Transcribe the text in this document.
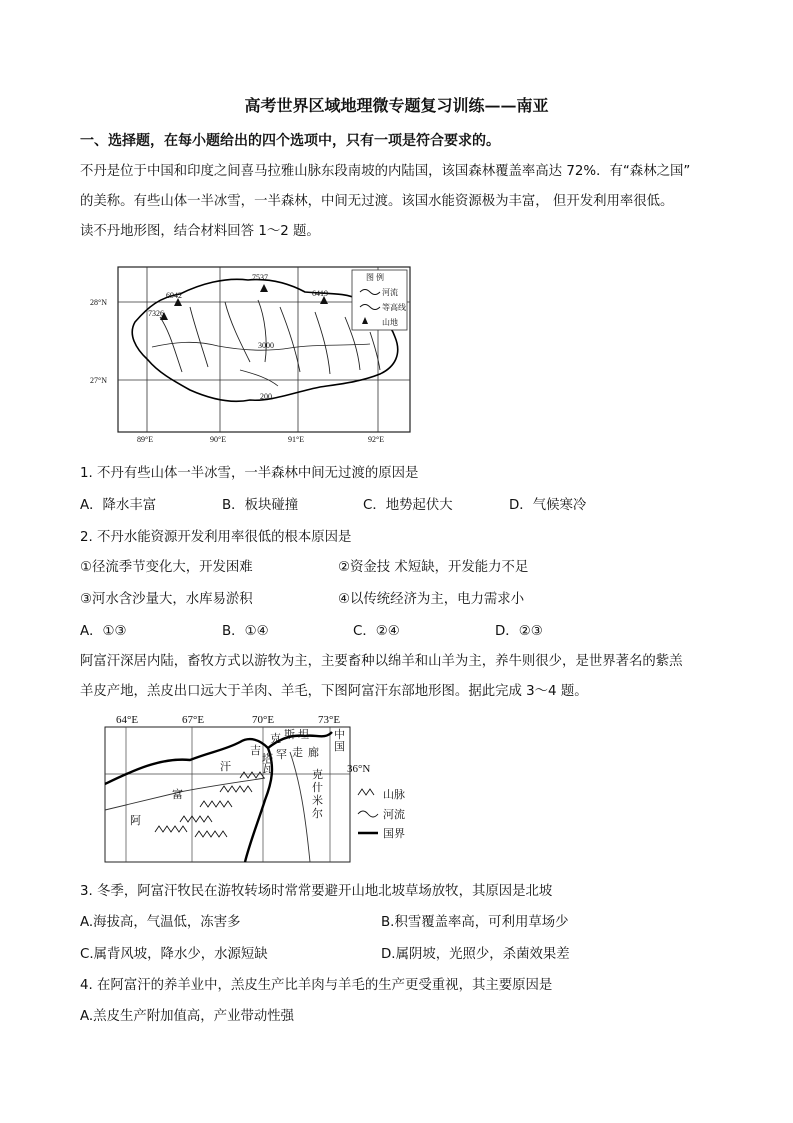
高考世界区域地理微专题复习训练——南亚
一、选择题，在每小题给出的四个选项中，只有一项是符合要求的。
不丹是位于中国和印度之间喜马拉雅山脉东段南坡的内陆国，该国森林覆盖率高达 72%．有“森林之国”
的美称。有些山体一半冰雪，一半森林，中间无过渡。该国水能资源极为丰富， 但开发利用率很低。
读不丹地形图，结合材料回答 1～2 题。
28°N
27°N
89°E	90°E	91°E	92°E
7537
6942
7326
6419
3000
200
图 例
河流
等高线
山地
1. 不丹有些山体一半冰雪，一半森林中间无过渡的原因是
A．降水丰富	B．板块碰撞	C．地势起伏大	D．气候寒冷
2. 不丹水能资源开发利用率很低的根本原因是
①径流季节变化大，开发困难	②资金技 术短缺，开发能力不足
③河水含沙量大，水库易淤积	④以传统经济为主，电力需求小
A．①③	B．①④	C．②④	D．②③
阿富汗深居内陆，畜牧方式以游牧为主，主要畜种以绵羊和山羊为主，养牛则很少，是世界著名的紫羔
羊皮产地，羔皮出口远大于羊肉、羊毛，下图阿富汗东部地形图。据此完成 3～4 题。
64°E	67°E	70°E	73°E
36°N
阿
富
汗
中
国
塔
吉
克 斯 坦
瓦
罕 走 廊
克
什
米
尔
山脉
河流
国界
3. 冬季，阿富汗牧民在游牧转场时常常要避开山地北坡草场放牧，其原因是北坡
A.海拔高，气温低，冻害多	B.积雪覆盖率高，可利用草场少
C.属背风坡，降水少，水源短缺	D.属阴坡，光照少，杀菌效果差
4. 在阿富汗的养羊业中，羔皮生产比羊肉与羊毛的生产更受重视，其主要原因是
A.羔皮生产附加值高，产业带动性强
